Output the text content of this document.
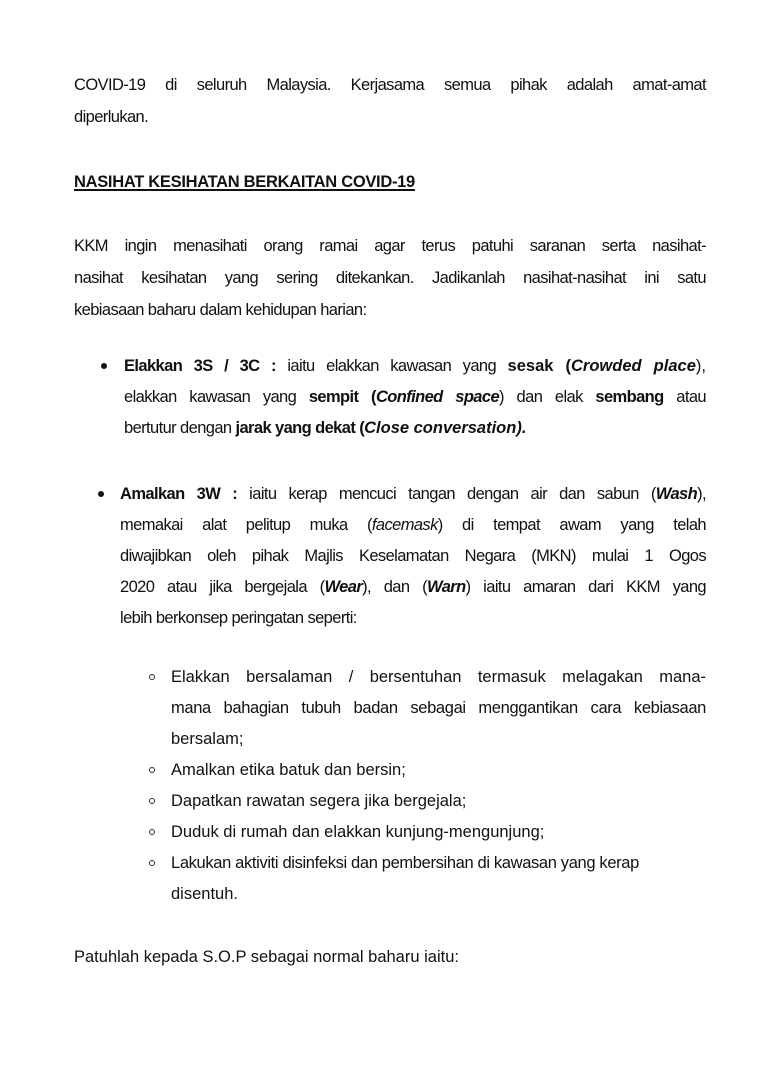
COVID-19 di seluruh Malaysia. Kerjasama semua pihak adalah amat-amat
diperlukan.
NASIHAT KESIHATAN BERKAITAN COVID-19
KKM ingin menasihati orang ramai agar terus patuhi saranan serta nasihat-
nasihat kesihatan yang sering ditekankan. Jadikanlah nasihat-nasihat ini satu
kebiasaan baharu dalam kehidupan harian:
Elakkan 3S / 3C : iaitu elakkan kawasan yang sesak (Crowded place),
elakkan kawasan yang sempit (Confined space) dan elak sembang atau
bertutur dengan jarak yang dekat (Close conversation).
Amalkan 3W : iaitu kerap mencuci tangan dengan air dan sabun (Wash),
memakai alat pelitup muka (facemask) di tempat awam yang telah
diwajibkan oleh pihak Majlis Keselamatan Negara (MKN) mulai 1 Ogos
2020 atau jika bergejala (Wear), dan (Warn) iaitu amaran dari KKM yang
lebih berkonsep peringatan seperti:
Elakkan bersalaman / bersentuhan termasuk melagakan mana-
mana bahagian tubuh badan sebagai menggantikan cara kebiasaan
bersalam;
Amalkan etika batuk dan bersin;
Dapatkan rawatan segera jika bergejala;
Duduk di rumah dan elakkan kunjung-mengunjung;
Lakukan aktiviti disinfeksi dan pembersihan di kawasan yang kerap
disentuh.
Patuhlah kepada S.O.P sebagai normal baharu iaitu:
